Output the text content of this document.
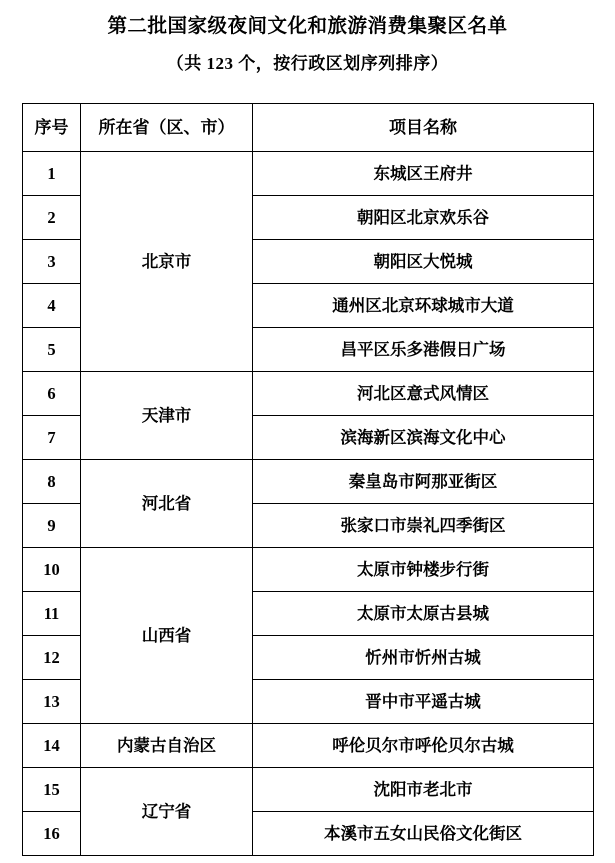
第二批国家级夜间文化和旅游消费集聚区名单
（共 123 个，按行政区划序列排序）
序号	所在省（区、市）	项目名称
1	北京市	东城区王府井
2		朝阳区北京欢乐谷
3		朝阳区大悦城
4		通州区北京环球城市大道
5		昌平区乐多港假日广场
6	天津市	河北区意式风情区
7		滨海新区滨海文化中心
8	河北省	秦皇岛市阿那亚街区
9		张家口市崇礼四季街区
10	山西省	太原市钟楼步行街
11		太原市太原古县城
12		忻州市忻州古城
13		晋中市平遥古城
14	内蒙古自治区	呼伦贝尔市呼伦贝尔古城
15	辽宁省	沈阳市老北市
16		本溪市五女山民俗文化街区
